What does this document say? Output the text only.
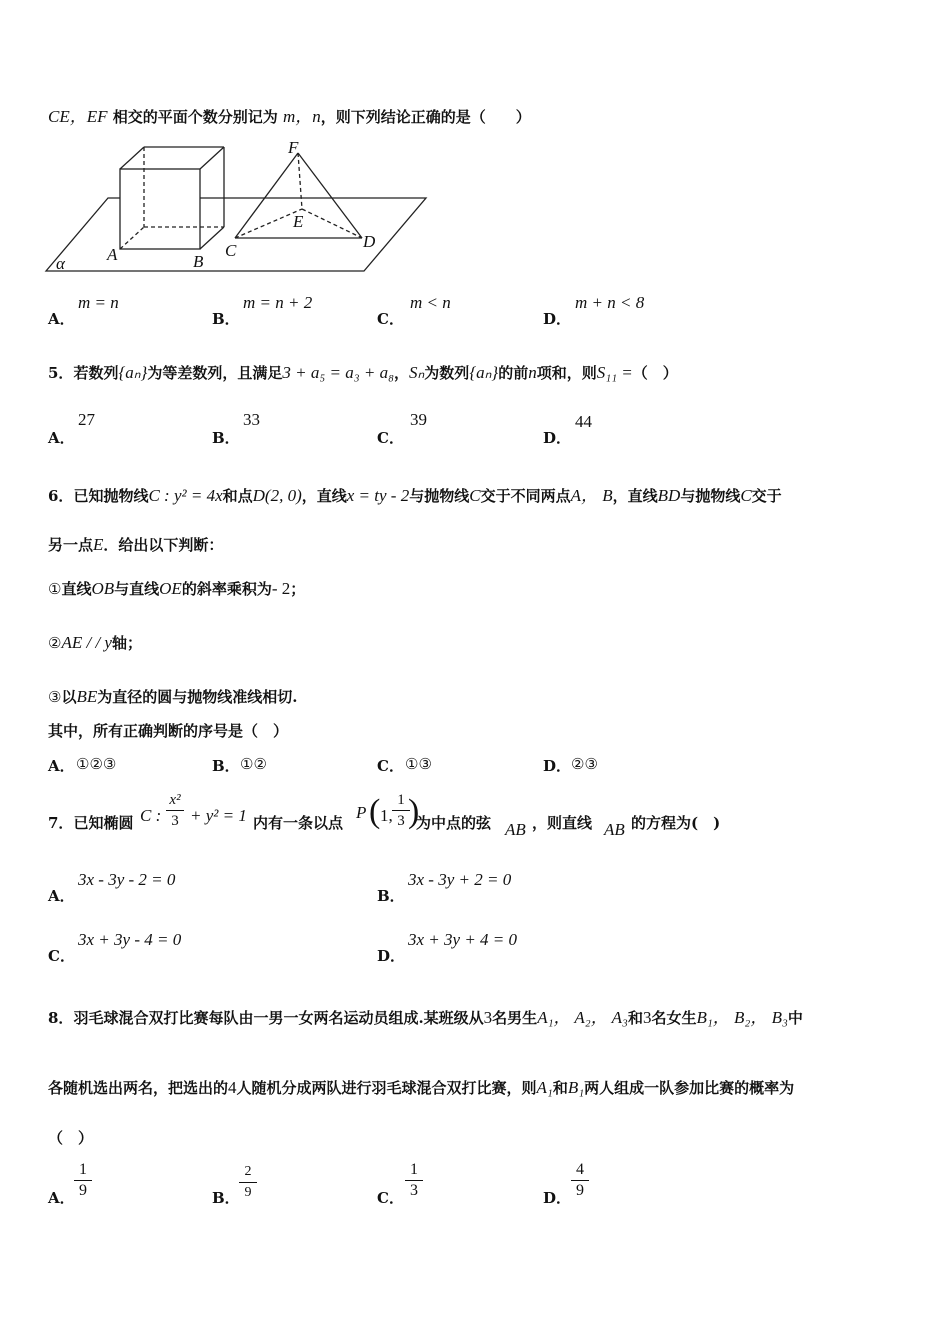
CE，EF 相交的平面个数分别记为 m，n，则下列结论正确的是（　　）
F
E
A	B
C	D
α
A．
m = n
B．
m = n + 2
C．
m < n
D．
m + n < 8
5．若数列{aₙ}为等差数列，且满足3 + a₅ = a₃ + a₈，Sₙ为数列{aₙ}的前n项和，则S₁₁ =（　）
A．
27
B．
33
C．
39
D．
44
6．已知抛物线C : y² = 4x和点D(2, 0)，直线x = ty - 2与抛物线C交于不同两点A， B，直线BD与抛物线C交于
另一点E．给出以下判断：
①直线OB与直线OE的斜率乘积为- 2；
②AE / / y轴；
③以BE为直径的圆与抛物线准线相切.
其中，所有正确判断的序号是（　）
A． ①②③	B． ①②	C． ①③	D． ②③
7．已知椭圆 C : $\frac{\text{x²}}{3} + y^2 = 1$ 内有一条以点
P ( 1, $\frac{1}{3}$
)
为中点的弦 AB ，则直线 AB 的方程为(　)
A．
3x - 3y - 2 = 0
B．
3x - 3y + 2 = 0
C．
3x + 3y - 4 = 0
D．
3x + 3y + 4 = 0
8．羽毛球混合双打比赛每队由一男一女两名运动员组成.某班级从3名男生A₁， A₂， A₃和3名女生B₁， B₂， B₃中
各随机选出两名，把选出的4人随机分成两队进行羽毛球混合双打比赛，则A₁和B₁两人组成一队参加比赛的概率为
（　）
A． $\frac{1}{9}$	B． $\frac{2}{9}$	C． $\frac{1}{3}$	D． $\frac{4}{9}$
